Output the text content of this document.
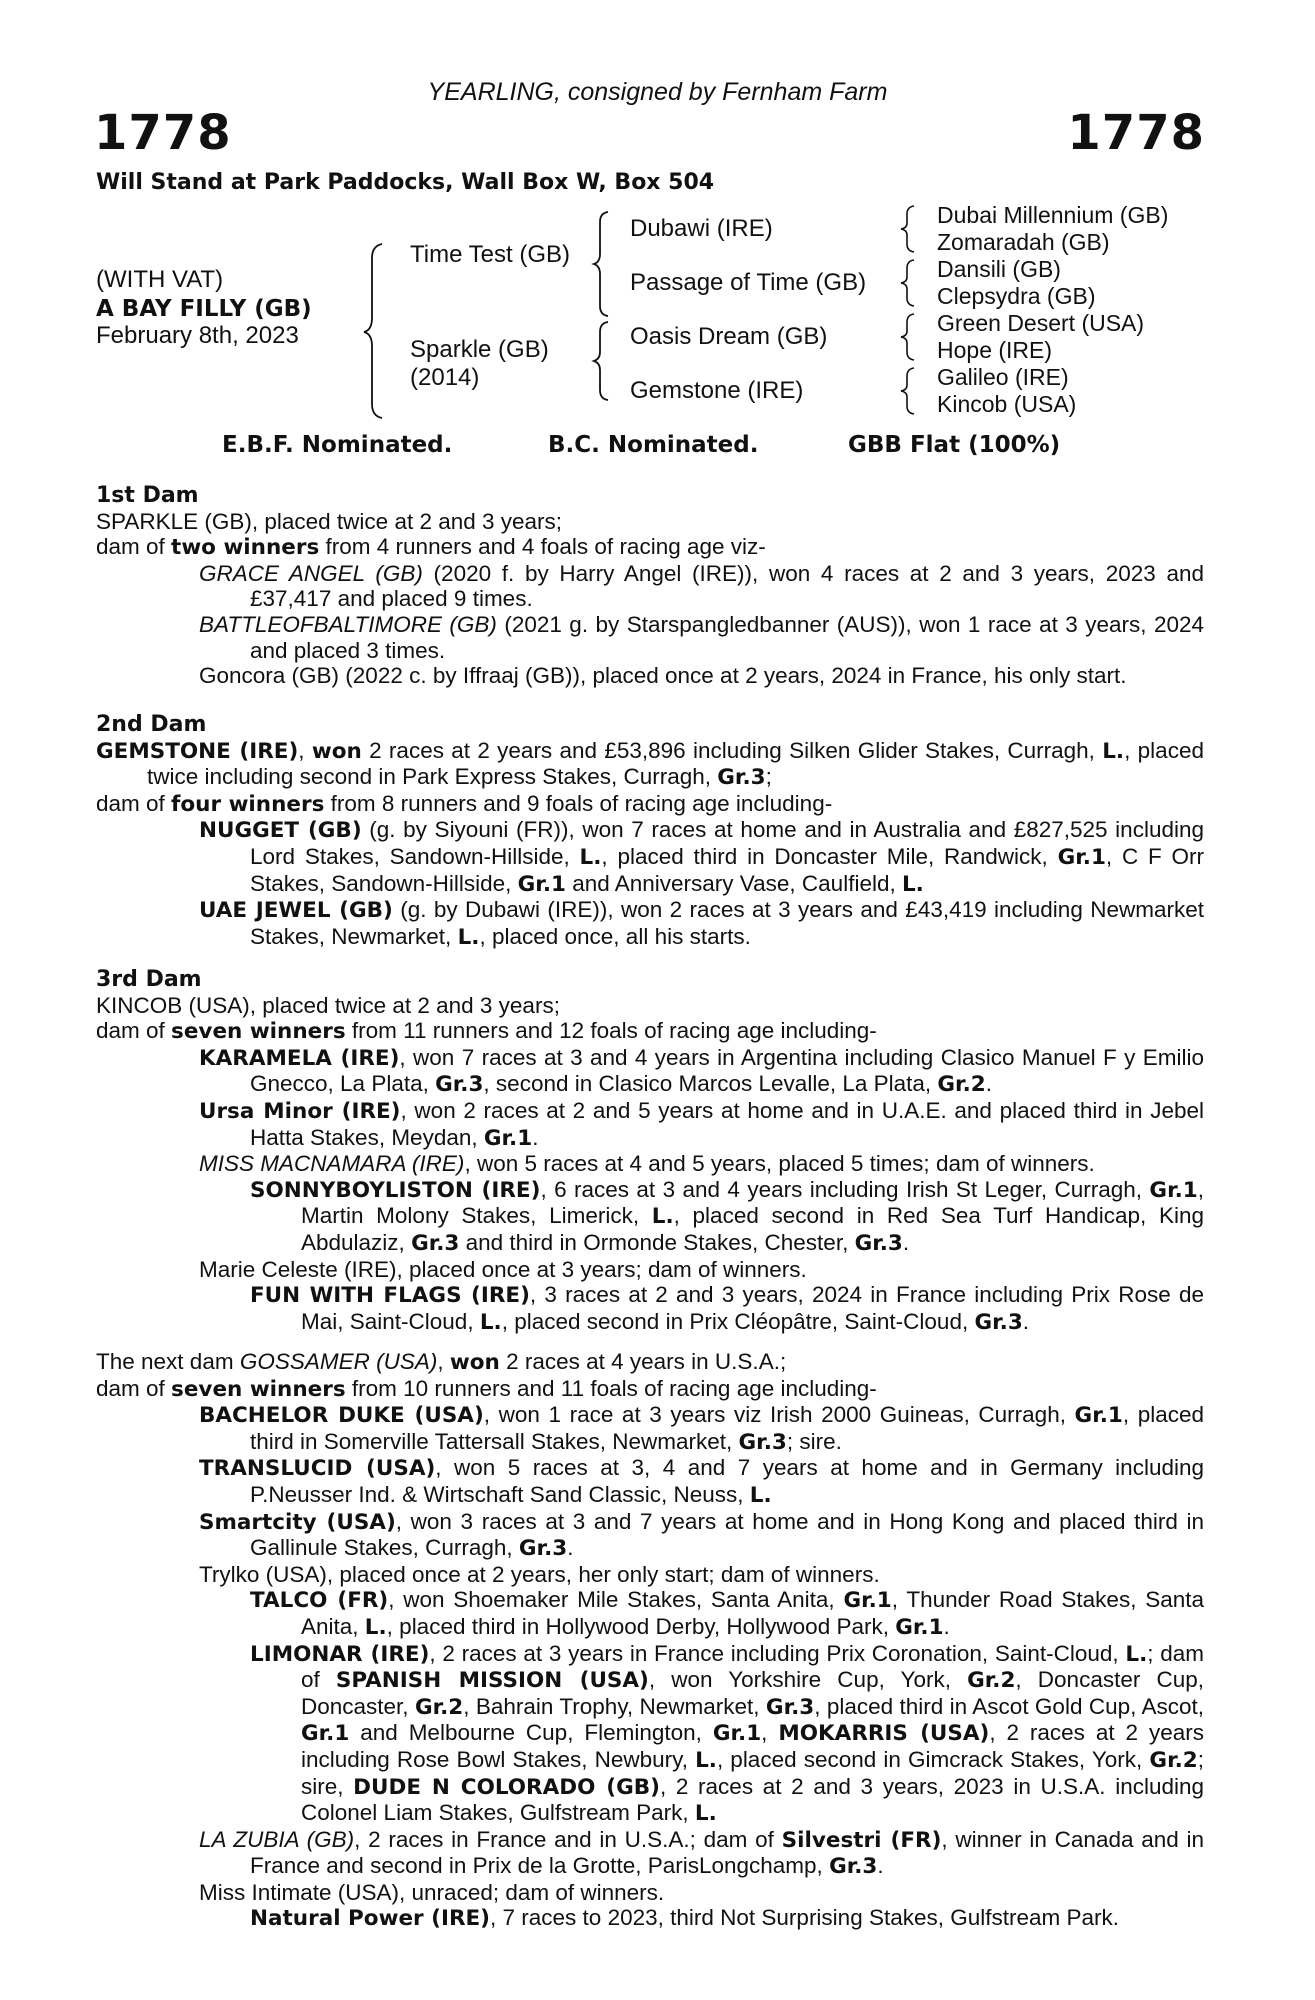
YEARLING, consigned by Fernham Farm
1778	1778
Will Stand at Park Paddocks, Wall Box W, Box 504
(WITH VAT)
A BAY FILLY (GB)
February 8th, 2023
Time Test (GB)
Sparkle (GB)
(2014)
Dubawi (IRE)
Passage of Time (GB)
Oasis Dream (GB)
Gemstone (IRE)
Dubai Millennium (GB)
Zomaradah (GB)
Dansili (GB)
Clepsydra (GB)
Green Desert (USA)
Hope (IRE)
Galileo (IRE)
Kincob (USA)
E.B.F. Nominated.	B.C. Nominated.	GBB Flat (100%)

1st Dam

SPARKLE (GB), placed twice at 2 and 3 years;

dam of two winners from 4 runners and 4 foals of racing age viz-

GRACE ANGEL (GB) (2020 f. by Harry Angel (IRE)), won 4 races at 2 and 3 years, 2023 and £37,417 and placed 9 times.

BATTLEOFBALTIMORE (GB) (2021 g. by Starspangledbanner (AUS)), won 1 race at 3 years, 2024 and placed 3 times.

Goncora (GB) (2022 c. by Iffraaj (GB)), placed once at 2 years, 2024 in France, his only start.

2nd Dam

GEMSTONE (IRE), won 2 races at 2 years and £53,896 including Silken Glider Stakes, Curragh, L., placed twice including second in Park Express Stakes, Curragh, Gr.3;

dam of four winners from 8 runners and 9 foals of racing age including-

NUGGET (GB) (g. by Siyouni (FR)), won 7 races at home and in Australia and £827,525 including Lord Stakes, Sandown-Hillside, L., placed third in Doncaster Mile, Randwick, Gr.1, C F Orr Stakes, Sandown-Hillside, Gr.1 and Anniversary Vase, Caulfield, L.

UAE JEWEL (GB) (g. by Dubawi (IRE)), won 2 races at 3 years and £43,419 including Newmarket Stakes, Newmarket, L., placed once, all his starts.

3rd Dam

KINCOB (USA), placed twice at 2 and 3 years;

dam of seven winners from 11 runners and 12 foals of racing age including-

KARAMELA (IRE), won 7 races at 3 and 4 years in Argentina including Clasico Manuel F y Emilio Gnecco, La Plata, Gr.3, second in Clasico Marcos Levalle, La Plata, Gr.2.

Ursa Minor (IRE), won 2 races at 2 and 5 years at home and in U.A.E. and placed third in Jebel Hatta Stakes, Meydan, Gr.1.

MISS MACNAMARA (IRE), won 5 races at 4 and 5 years, placed 5 times; dam of winners.

SONNYBOYLISTON (IRE), 6 races at 3 and 4 years including Irish St Leger, Curragh, Gr.1, Martin Molony Stakes, Limerick, L., placed second in Red Sea Turf Handicap, King Abdulaziz, Gr.3 and third in Ormonde Stakes, Chester, Gr.3.

Marie Celeste (IRE), placed once at 3 years; dam of winners.

FUN WITH FLAGS (IRE), 3 races at 2 and 3 years, 2024 in France including Prix Rose de Mai, Saint-Cloud, L., placed second in Prix Cléopâtre, Saint-Cloud, Gr.3.

The next dam GOSSAMER (USA), won 2 races at 4 years in U.S.A.;

dam of seven winners from 10 runners and 11 foals of racing age including-

BACHELOR DUKE (USA), won 1 race at 3 years viz Irish 2000 Guineas, Curragh, Gr.1, placed third in Somerville Tattersall Stakes, Newmarket, Gr.3; sire.

TRANSLUCID (USA), won 5 races at 3, 4 and 7 years at home and in Germany including P.Neusser Ind. & Wirtschaft Sand Classic, Neuss, L.

Smartcity (USA), won 3 races at 3 and 7 years at home and in Hong Kong and placed third in Gallinule Stakes, Curragh, Gr.3.

Trylko (USA), placed once at 2 years, her only start; dam of winners.

TALCO (FR), won Shoemaker Mile Stakes, Santa Anita, Gr.1, Thunder Road Stakes, Santa Anita, L., placed third in Hollywood Derby, Hollywood Park, Gr.1.

LIMONAR (IRE), 2 races at 3 years in France including Prix Coronation, Saint-Cloud, L.; dam of SPANISH MISSION (USA), won Yorkshire Cup, York, Gr.2, Doncaster Cup, Doncaster, Gr.2, Bahrain Trophy, Newmarket, Gr.3, placed third in Ascot Gold Cup, Ascot, Gr.1 and Melbourne Cup, Flemington, Gr.1, MOKARRIS (USA), 2 races at 2 years including Rose Bowl Stakes, Newbury, L., placed second in Gimcrack Stakes, York, Gr.2; sire, DUDE N COLORADO (GB), 2 races at 2 and 3 years, 2023 in U.S.A. including Colonel Liam Stakes, Gulfstream Park, L.

LA ZUBIA (GB), 2 races in France and in U.S.A.; dam of Silvestri (FR), winner in Canada and in France and second in Prix de la Grotte, ParisLongchamp, Gr.3.

Miss Intimate (USA), unraced; dam of winners.

Natural Power (IRE), 7 races to 2023, third Not Surprising Stakes, Gulfstream Park.
